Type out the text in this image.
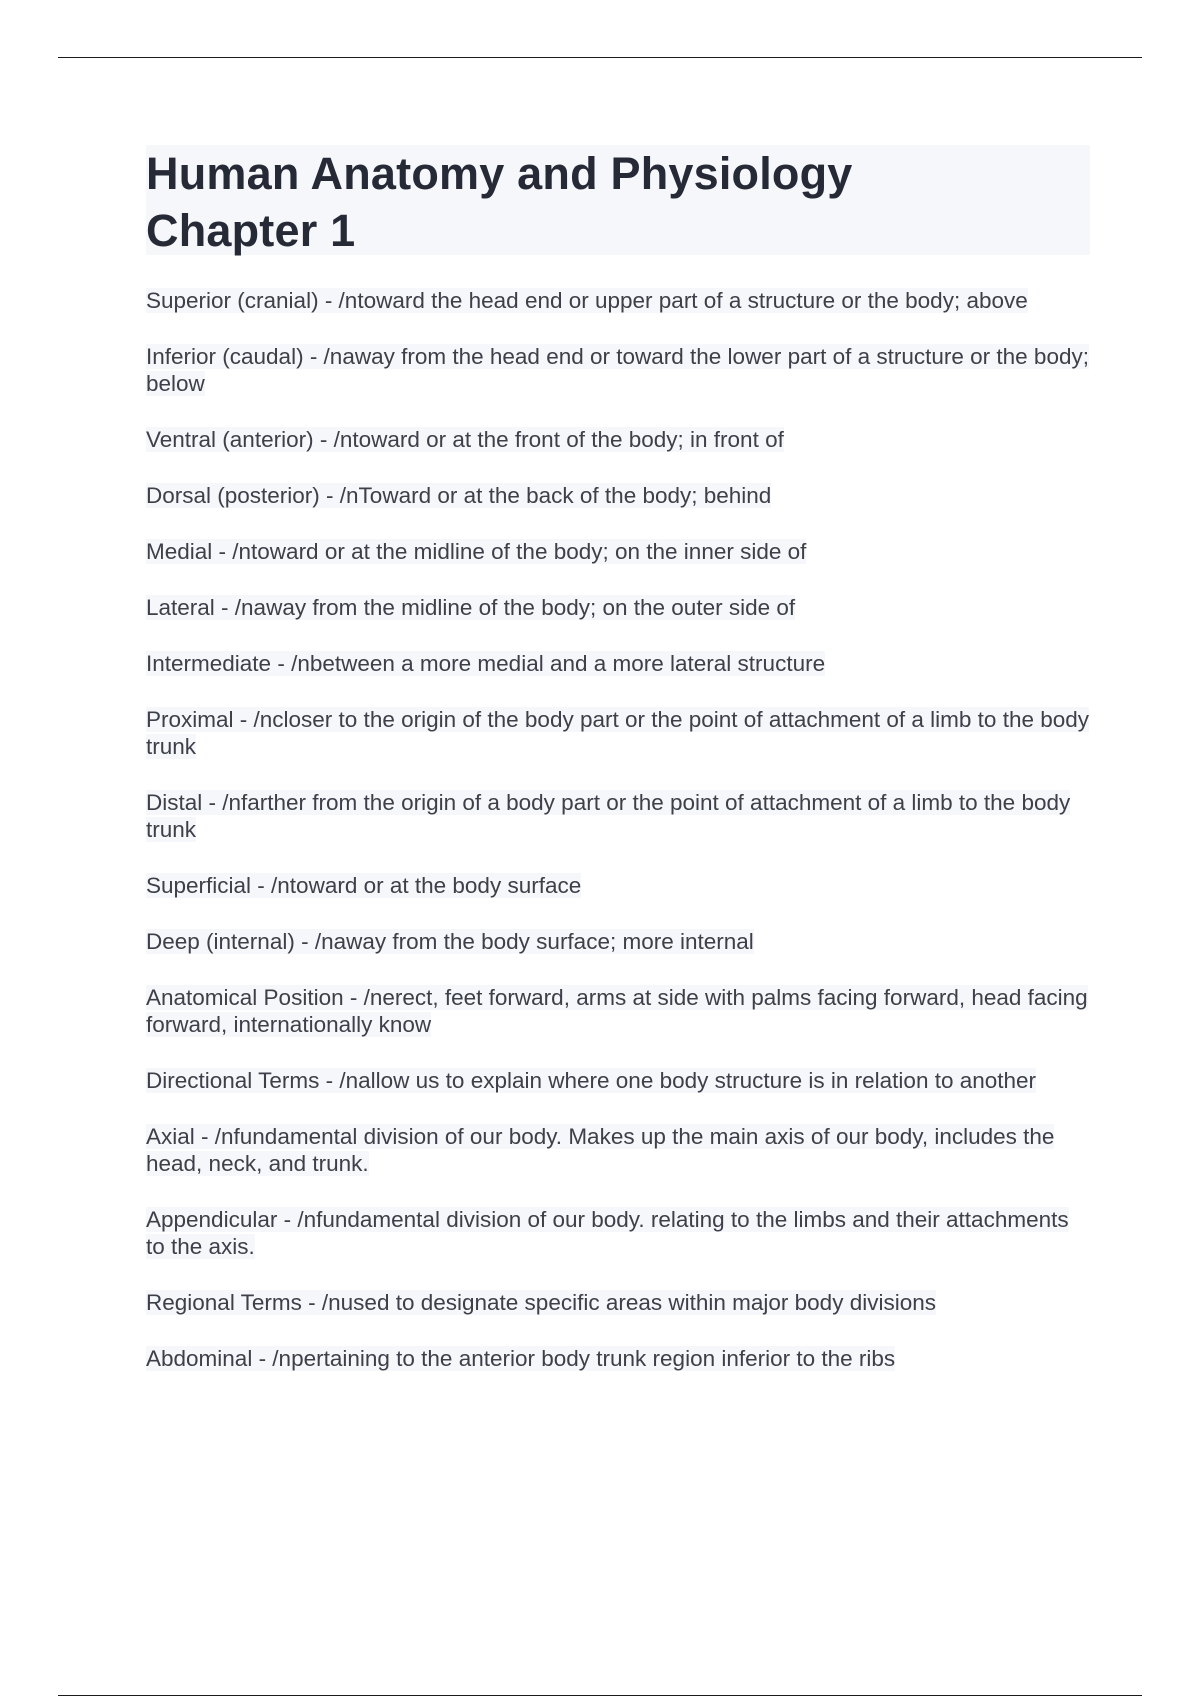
Human Anatomy and Physiology
Chapter 1
Superior (cranial) - /ntoward the head end or upper part of a structure or the body; above
Inferior (caudal) - /naway from the head end or toward the lower part of a structure or the body; below
Ventral (anterior) - /ntoward or at the front of the body; in front of
Dorsal (posterior) - /nToward or at the back of the body; behind
Medial - /ntoward or at the midline of the body; on the inner side of
Lateral - /naway from the midline of the body; on the outer side of
Intermediate - /nbetween a more medial and a more lateral structure
Proximal - /ncloser to the origin of the body part or the point of attachment of a limb to the body trunk
Distal - /nfarther from the origin of a body part or the point of attachment of a limb to the body trunk
Superficial - /ntoward or at the body surface
Deep (internal) - /naway from the body surface; more internal
Anatomical Position - /nerect, feet forward, arms at side with palms facing forward, head facing forward, internationally know
Directional Terms - /nallow us to explain where one body structure is in relation to another
Axial - /nfundamental division of our body. Makes up the main axis of our body, includes the head, neck, and trunk.
Appendicular - /nfundamental division of our body. relating to the limbs and their attachments to the axis.
Regional Terms - /nused to designate specific areas within major body divisions
Abdominal - /npertaining to the anterior body trunk region inferior to the ribs
